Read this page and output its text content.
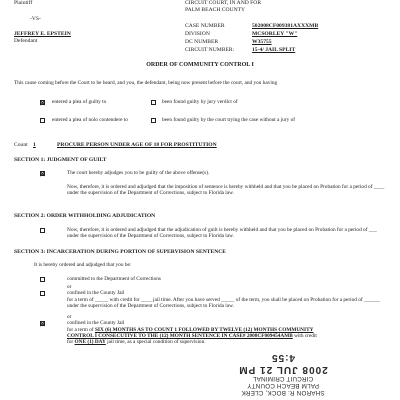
Plaintiff	CIRCUIT COURT, IN AND FOR
PALM BEACH COUNTY
-VS-
JEFFREY E. EPSTEIN
Defendant
CASE NUMBER	502008CF009381AXXXMB
DIVISION	MCSORLEY "W"
DC NUMBER	W35755
CIRCUIT NUMBER:	15-4/ JAIL SPLIT
ORDER OF COMMUNITY CONTROL I
This cause coming before the Court to be heard, and you, the defendant, being now present before the court, and you having
entered a plea of guilty to	been found guilty by jury verdict of
entered a plea of nolo contendere to	been found guilty by the court trying the case without a jury of
Count 1	PROCURE PERSON UNDER AGE OF 18 FOR PROSTITUTION
SECTION 1: JUDGMENT OF GUILT
The court hereby adjudges you to be guilty of the above offense(s).
Now, therefore, it is ordered and adjudged that the imposition of sentence is hereby withheld and that you be placed on Probation for a period of ____ under the supervision of the Department of Corrections, subject to Florida law.
SECTION 2: ORDER WITHHOLDING ADJUDICATION
Now, therefore, it is ordered and adjudged that the adjudication of guilt is hereby withheld and that you be placed on Probation for a period of ___ under the supervision of the Department of Corrections, subject to Florida law.
SECTION 3: INCARCERATION DURING PORTION OF SUPERVISION SENTENCE
It is hereby ordered and adjudged that you be:
committed to the Department of Corrections
or
confined in the County Jail
for a term of _____ with credit for ____ jail time. After you have served _____ of the term, you shall be placed on Probation for a period of ______ under the supervision of the Department of Corrections, subject to Florida law.
or
confined in the County Jail
for a term of SIX (6) MONTHS AS TO COUNT 1 FOLLOWED BY TWELVE (12) MONTHS COMMUNITY CONTROL I CONSECUTIVE TO THE (12) MONTH SENTENCE IN CASE# 2008CF009454AMB with credit for ONE (1) DAY jail time, as a special condition of supervision.
SHARON R. BOCK, CLERK
PALM BEACH COUNTY
CIRCUIT CRIMINAL
2008 JUL 21 PM 4:55
